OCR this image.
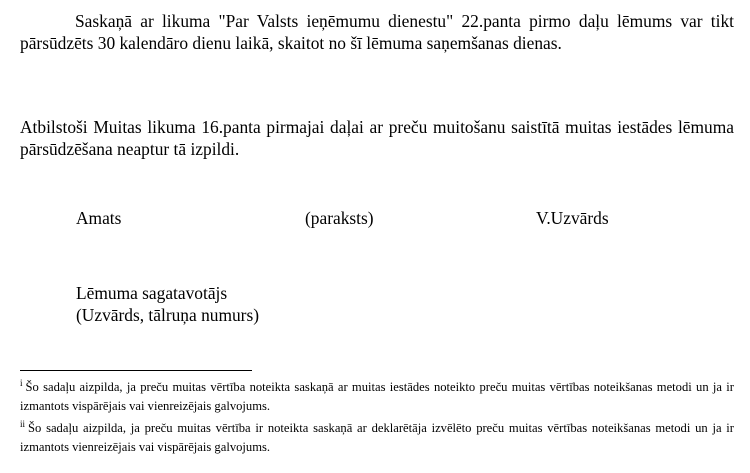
Saskaņā ar likuma "Par Valsts ieņēmumu dienestu" 22.panta pirmo daļu lēmums var tikt pārsūdzēts 30 kalendāro dienu laikā, skaitot no šī lēmuma saņemšanas dienas.

Atbilstoši Muitas likuma 16.panta pirmajai daļai ar preču muitošanu saistītā muitas iestādes lēmuma pārsūdzēšana neaptur tā izpildi.

Amats	(paraksts)	V.Uzvārds
Lēmuma sagatavotājs
(Uzvārds, tālruņa numurs)

$^i$ Šo sadaļu aizpilda, ja preču muitas vērtība noteikta saskaņā ar muitas iestādes noteikto preču muitas vērtības noteikšanas metodi un ja ir izmantots vispārējais vai vienreizējais galvojums.

$^{ii}$ Šo sadaļu aizpilda, ja preču muitas vērtība ir noteikta saskaņā ar deklarētāja izvēlēto preču muitas vērtības noteikšanas metodi un ja ir izmantots vienreizējais vai vispārējais galvojums.
